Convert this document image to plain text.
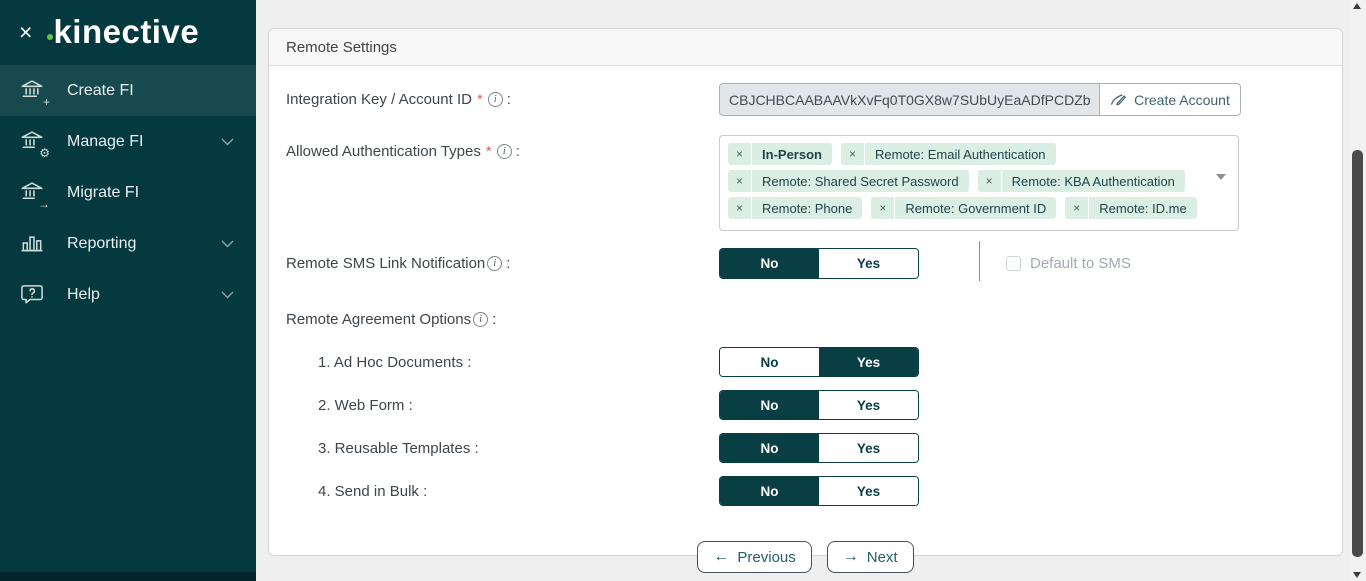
× kinective
+
Create FI
⚙
Manage FI
→
Migrate FI
Reporting
Help
Remote Settings
Integration Key / Account ID *	i :
CBJCHBCAABAAVkXvFq0T0GX8w7SUbUyEaADfPCDZbjl	Create Account
Allowed Authentication Types *	i :	×	In-Person	×	Remote: Email Authentication
×	Remote: Shared Secret Password	×	Remote: KBA Authentication
×	Remote: Phone	×	Remote: Government ID	×	Remote: ID.me
Remote SMS Link Notification i :	No	Yes	Default to SMS
Remote Agreement Options i :
1. Ad Hoc Documents :	No	Yes
2. Web Form :	No	Yes
3. Reusable Templates :	No	Yes
4. Send in Bulk :	No	Yes
← Previous	→ Next
